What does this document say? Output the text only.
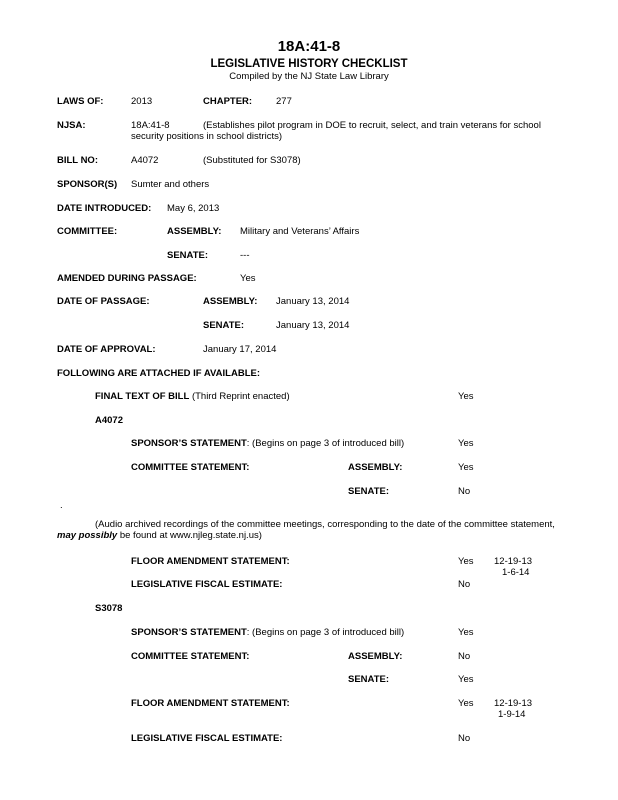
18A:41-8
LEGISLATIVE HISTORY CHECKLIST
Compiled by the NJ State Law Library
LAWS OF:	2013	CHAPTER:	277
NJSA:	18A:41-8	(Establishes pilot program in DOE to recruit, select, and train veterans for school security positions in school districts)
BILL NO:	A4072	(Substituted for S3078)
SPONSOR(S) Sumter and others
DATE INTRODUCED: May 6, 2013
COMMITTEE:	ASSEMBLY: Military and Veterans’ Affairs
SENATE:	---
AMENDED DURING PASSAGE:	Yes
DATE OF PASSAGE:	ASSEMBLY: January 13, 2014
SENATE:	January 13, 2014
DATE OF APPROVAL:	January 17, 2014
FOLLOWING ARE ATTACHED IF AVAILABLE:
FINAL TEXT OF BILL (Third Reprint enacted)	Yes
A4072
SPONSOR’S STATEMENT: (Begins on page 3 of introduced bill)	Yes
COMMITTEE STATEMENT:	ASSEMBLY:	Yes
SENATE:	No
.
(Audio archived recordings of the committee meetings, corresponding to the date of the committee statement, may possibly be found at www.njleg.state.nj.us)
FLOOR AMENDMENT STATEMENT:	Yes 12-19-13
1-6-14
LEGISLATIVE FISCAL ESTIMATE:	No
S3078
SPONSOR’S STATEMENT: (Begins on page 3 of introduced bill)	Yes
COMMITTEE STATEMENT:	ASSEMBLY:	No
SENATE:	Yes
FLOOR AMENDMENT STATEMENT:	Yes 12-19-13
1-9-14
LEGISLATIVE FISCAL ESTIMATE:	No
